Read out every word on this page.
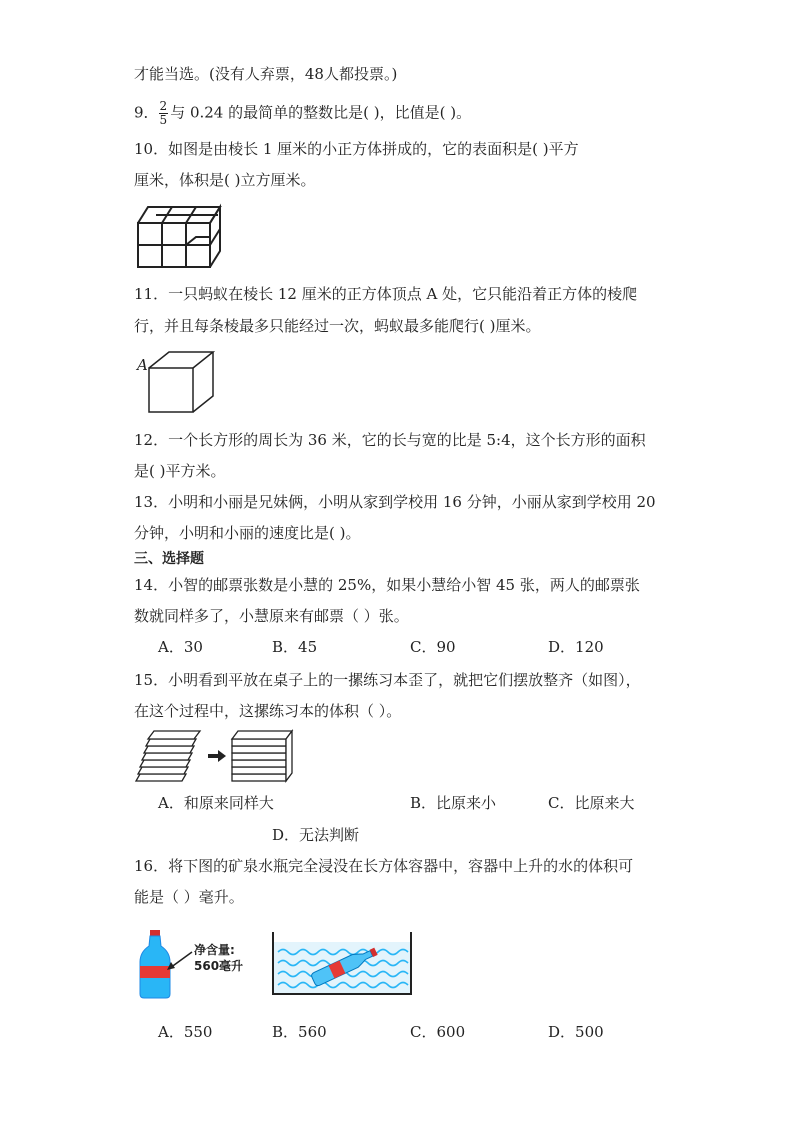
才能当选。(没有人弃票，48人都投票。)
9． $\frac{2}{5}$ 与 0.24 的最简单的整数比是( )，比值是( )。
10．如图是由棱长 1 厘米的小正方体拼成的，它的表面积是( )平方
厘米，体积是( )立方厘米。
11．一只蚂蚁在棱长 12 厘米的正方体顶点 A 处，它只能沿着正方体的棱爬
行，并且每条棱最多只能经过一次，蚂蚁最多能爬行( )厘米。
A
12．一个长方形的周长为 36 米，它的长与宽的比是 5:4，这个长方形的面积
是( )平方米。
13．小明和小丽是兄妹俩，小明从家到学校用 16 分钟，小丽从家到学校用 20
分钟，小明和小丽的速度比是( )。
三、选择题
14．小智的邮票张数是小慧的 25%，如果小慧给小智 45 张，两人的邮票张
数就同样多了，小慧原来有邮票（ ）张。
A．30	B．45	C．90	D．120
15．小明看到平放在桌子上的一摞练习本歪了，就把它们摆放整齐（如图），
在这个过程中，这摞练习本的体积（ ）。
A．和原来同样大	B．比原来小	C．比原来大
D．无法判断
16．将下图的矿泉水瓶完全浸没在长方体容器中，容器中上升的水的体积可
能是（ ）毫升。
净含量:
560毫升
A．550	B．560	C．600	D．500
